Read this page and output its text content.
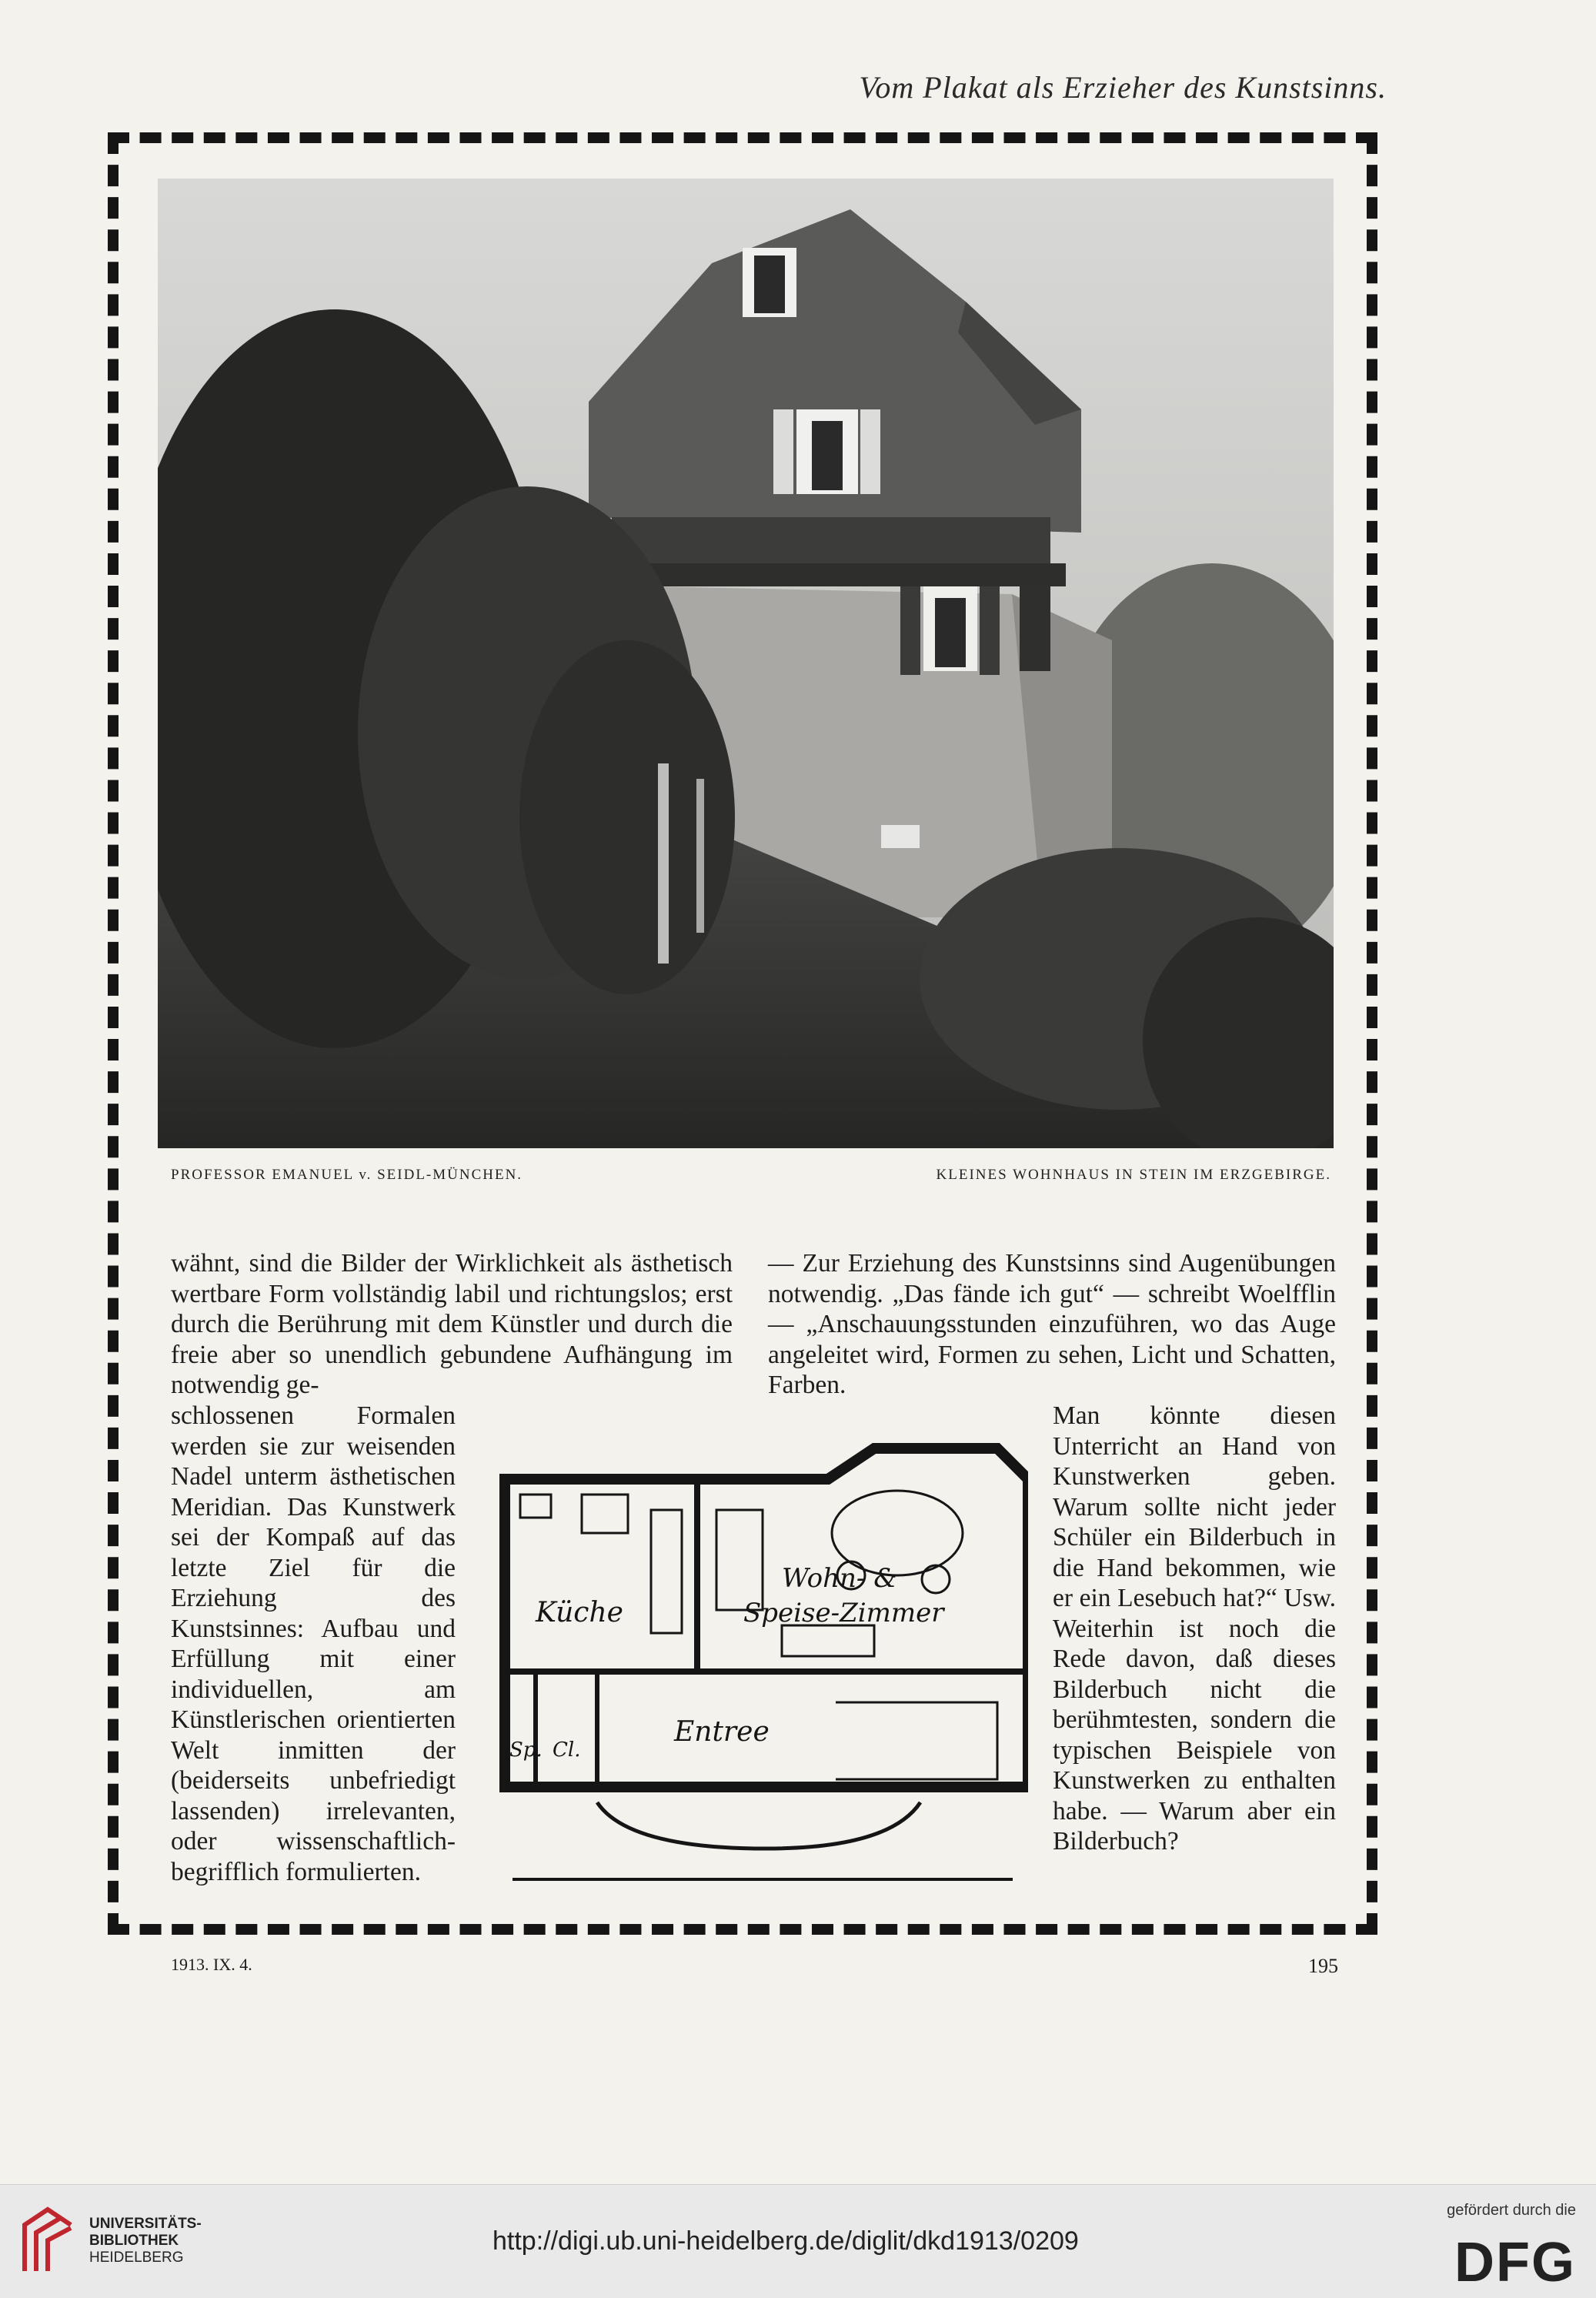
Vom Plakat als Erzieher des Kunstsinns.
PROFESSOR EMANUEL v. SEIDL-MÜNCHEN.	KLEINES WOHNHAUS IN STEIN IM ERZGEBIRGE.

wähnt, sind die Bilder der Wirklichkeit als ästhetisch wertbare Form vollständig labil und richtungslos; erst durch die Berührung mit dem Künstler und durch die freie aber so unendlich gebundene Aufhängung im notwendig ge-

schlossenen Formalen werden sie zur weisenden Nadel unterm ästhetischen Meridian. Das Kunstwerk sei der Kompaß auf das letzte Ziel für die Erziehung des Kunstsinnes: Aufbau und Erfüllung mit einer individuellen, am Künstlerischen orientierten Welt inmitten der (beiderseits unbefriedigt lassenden) irrelevanten, oder wissenschaftlich-begrifflich formulierten.

— Zur Erziehung des Kunstsinns sind Augenübungen notwendig. „Das fände ich gut“ — schreibt Woelfflin — „Anschauungsstunden einzuführen, wo das Auge angeleitet wird, Formen zu sehen, Licht und Schatten, Farben.

Man könnte diesen Unterricht an Hand von Kunstwerken geben. Warum sollte nicht jeder Schüler ein Bilderbuch in die Hand bekommen, wie er ein Lesebuch hat?“ Usw. Weiterhin ist noch die Rede davon, daß dieses Bilderbuch nicht die berühmtesten, sondern die typischen Beispiele von Kunstwerken zu enthalten habe. — Warum aber ein Bilderbuch?

Küche
Wohn- &
Speise-Zimmer
Entree
Sp. Cl.
1913. IX. 4.	195
UNIVERSITÄTS-
BIBLIOTHEK
HEIDELBERG
http://digi.ub.uni-heidelberg.de/diglit/dkd1913/0209
gefördert durch die
DFG
